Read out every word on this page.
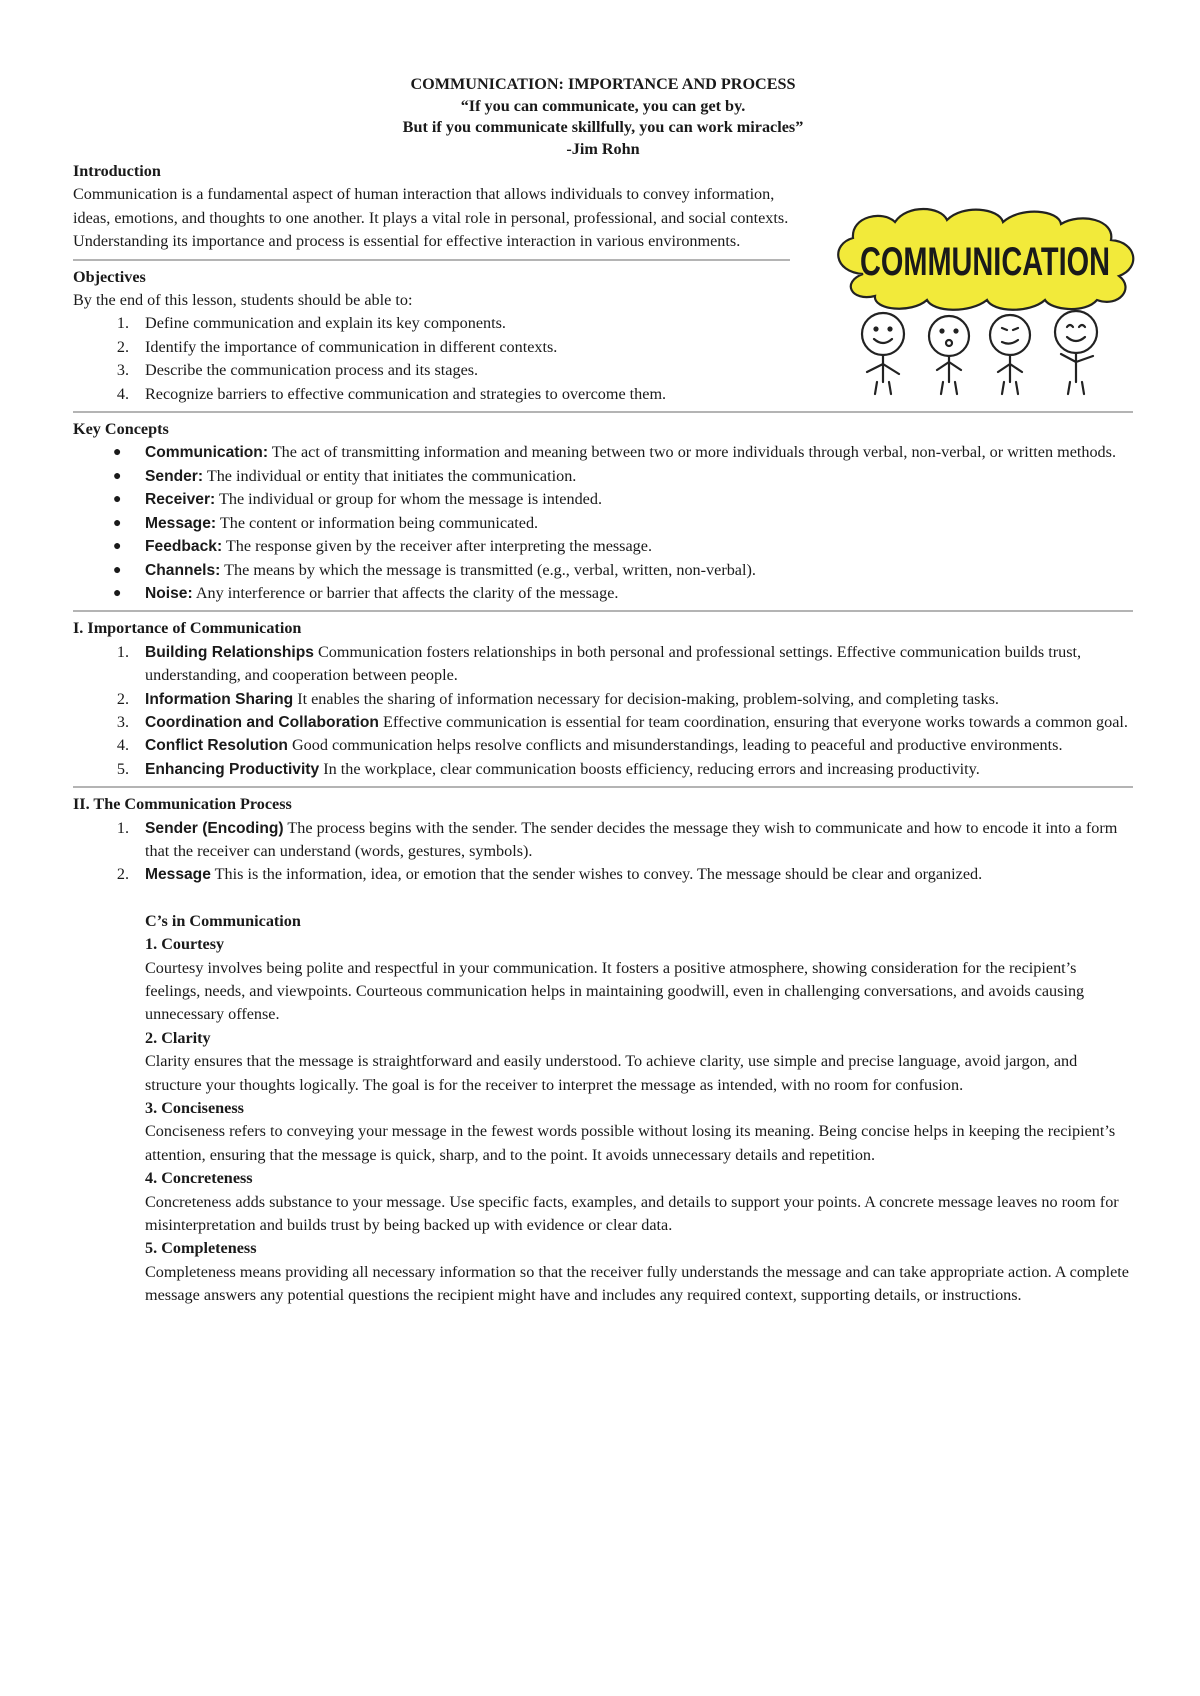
COMMUNICATION: IMPORTANCE AND PROCESS
“If you can communicate, you can get by.
But if you communicate skillfully, you can work miracles”
-Jim Rohn
Introduction

Communication is a fundamental aspect of human interaction that allows individuals to convey information, ideas, emotions, and thoughts to one another. It plays a vital role in personal, professional, and social contexts. Understanding its importance and process is essential for effective interaction in various environments.

Objectives

By the end of this lesson, students should be able to:

1. Define communication and explain its key components.
2. Identify the importance of communication in different contexts.
3. Describe the communication process and its stages.
4. Recognize barriers to effective communication and strategies to overcome them.
Key Concepts
● Communication: The act of transmitting information and meaning between two or more individuals through verbal, non-verbal, or written methods.
● Sender: The individual or entity that initiates the communication.
● Receiver: The individual or group for whom the message is intended.
● Message: The content or information being communicated.
● Feedback: The response given by the receiver after interpreting the message.
● Channels: The means by which the message is transmitted (e.g., verbal, written, non-verbal).
● Noise: Any interference or barrier that affects the clarity of the message.
I. Importance of Communication
1. Building Relationships Communication fosters relationships in both personal and professional settings. Effective communication builds trust, understanding, and cooperation between people.
2. Information Sharing It enables the sharing of information necessary for decision-making, problem-solving, and completing tasks.
3. Coordination and Collaboration Effective communication is essential for team coordination, ensuring that everyone works towards a common goal.
4. Conflict Resolution Good communication helps resolve conflicts and misunderstandings, leading to peaceful and productive environments.
5. Enhancing Productivity In the workplace, clear communication boosts efficiency, reducing errors and increasing productivity.
II. The Communication Process
1. Sender (Encoding) The process begins with the sender. The sender decides the message they wish to communicate and how to encode it into a form that the receiver can understand (words, gestures, symbols).
2. Message This is the information, idea, or emotion that the sender wishes to convey. The message should be clear and organized.
C’s in Communication
1. Courtesy

Courtesy involves being polite and respectful in your communication. It fosters a positive atmosphere, showing consideration for the recipient’s feelings, needs, and viewpoints. Courteous communication helps in maintaining goodwill, even in challenging conversations, and avoids causing unnecessary offense.

2. Clarity

Clarity ensures that the message is straightforward and easily understood. To achieve clarity, use simple and precise language, avoid jargon, and structure your thoughts logically. The goal is for the receiver to interpret the message as intended, with no room for confusion.

3. Conciseness

Conciseness refers to conveying your message in the fewest words possible without losing its meaning. Being concise helps in keeping the recipient’s attention, ensuring that the message is quick, sharp, and to the point. It avoids unnecessary details and repetition.

4. Concreteness

Concreteness adds substance to your message. Use specific facts, examples, and details to support your points. A concrete message leaves no room for misinterpretation and builds trust by being backed up with evidence or clear data.

5. Completeness

Completeness means providing all necessary information so that the receiver fully understands the message and can take appropriate action. A complete message answers any potential questions the recipient might have and includes any required context, supporting details, or instructions.

COMMUNICATION
